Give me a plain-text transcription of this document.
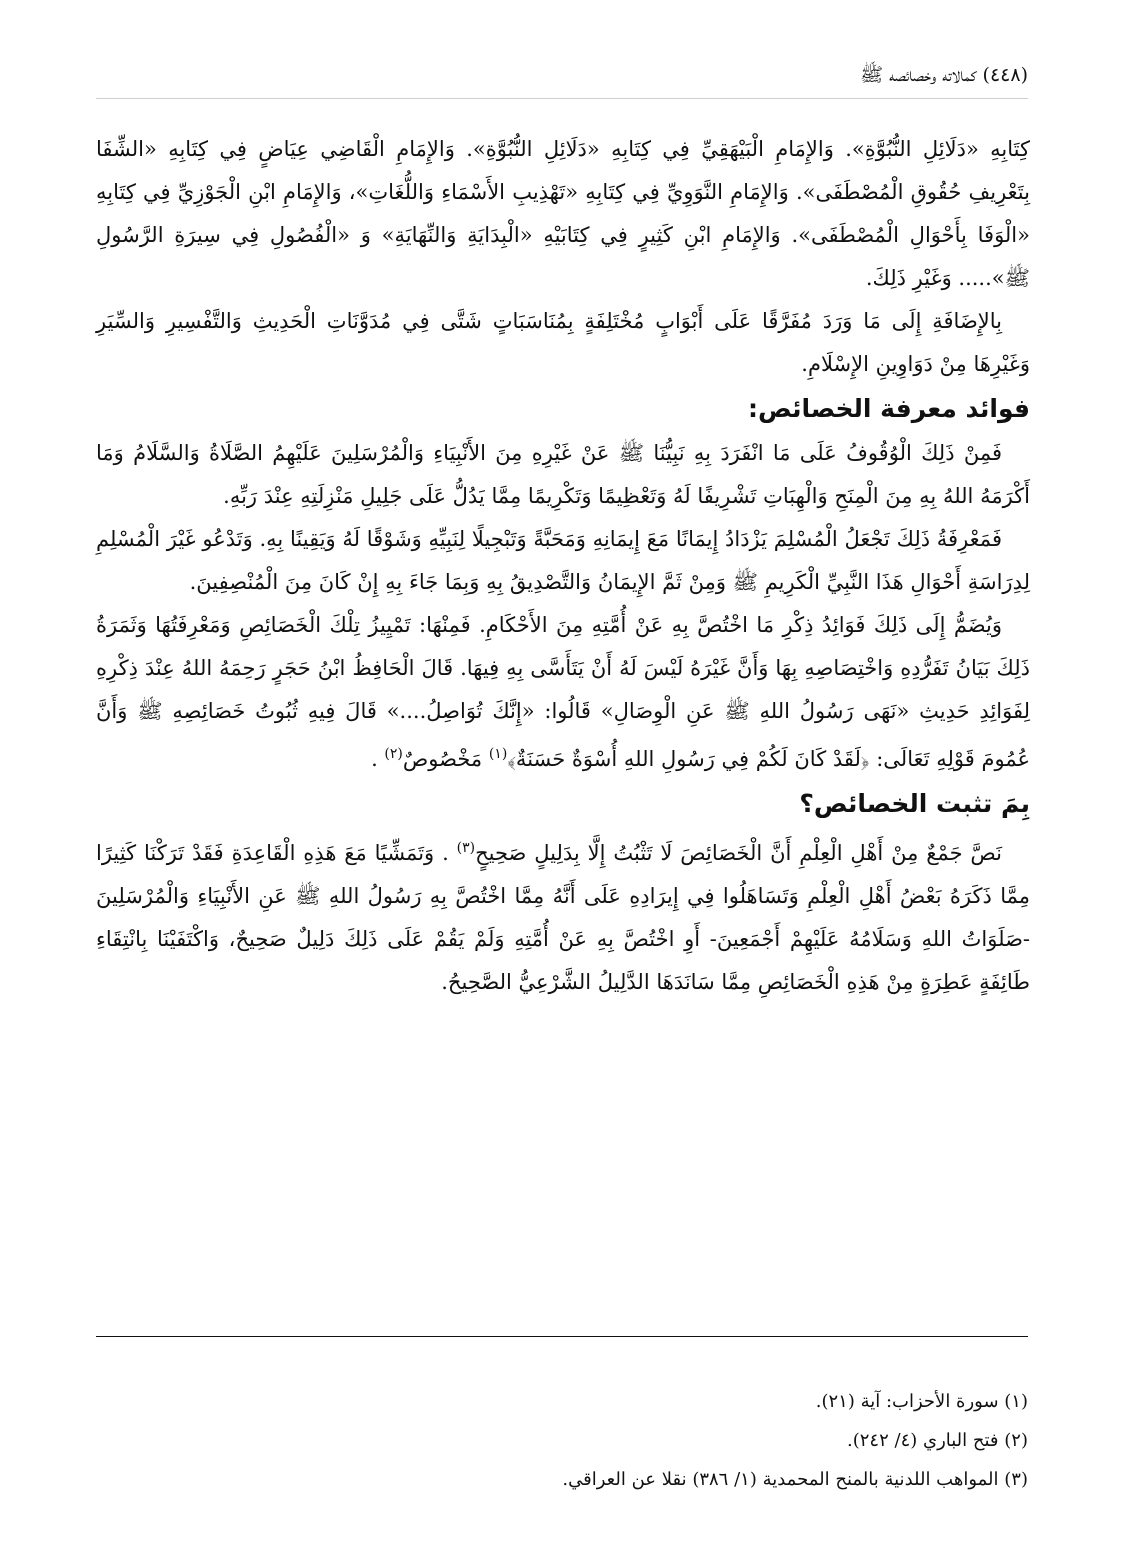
(٤٤٨) كمالاته وخصائصه ﷺ

كِتَابِهِ «دَلَائِلِ النُّبُوَّةِ». وَالإِمَامِ الْبَيْهَقِيِّ فِي كِتَابِهِ «دَلَائِلِ النُّبُوَّةِ». وَالإِمَامِ الْقَاضِي عِيَاضٍ فِي كِتَابِهِ «الشِّفَا بِتَعْرِيفِ حُقُوقِ الْمُصْطَفَى». وَالإِمَامِ النَّوَوِيِّ فِي كِتَابِهِ «تَهْذِيبِ الأَسْمَاءِ وَاللُّغَاتِ»، وَالإِمَامِ ابْنِ الْجَوْزِيِّ فِي كِتَابِهِ «الْوَفَا بِأَحْوَالِ الْمُصْطَفَى». وَالإِمَامِ ابْنِ كَثِيرٍ فِي كِتَابَيْهِ «الْبِدَايَةِ وَالنِّهَايَةِ» وَ «الْفُصُولِ فِي سِيرَةِ الرَّسُولِ ﷺ»..... وَغَيْرِ ذَلِكَ.

بِالإِضَافَةِ إِلَى مَا وَرَدَ مُفَرَّقًا عَلَى أَبْوَابٍ مُخْتَلِفَةٍ بِمُنَاسَبَاتٍ شَتَّى فِي مُدَوَّنَاتِ الْحَدِيثِ وَالتَّفْسِيرِ وَالسِّيَرِ وَغَيْرِهَا مِنْ دَوَاوِينِ الإِسْلَامِ.

فوائد معرفة الخصائص:

فَمِنْ ذَلِكَ الْوُقُوفُ عَلَى مَا انْفَرَدَ بِهِ نَبِيُّنَا ﷺ عَنْ غَيْرِهِ مِنَ الأَنْبِيَاءِ وَالْمُرْسَلِينَ عَلَيْهِمُ الصَّلَاةُ وَالسَّلَامُ وَمَا أَكْرَمَهُ اللهُ بِهِ مِنَ الْمِنَحِ وَالْهِبَاتِ تَشْرِيفًا لَهُ وَتَعْظِيمًا وَتَكْرِيمًا مِمَّا يَدُلُّ عَلَى جَلِيلِ مَنْزِلَتِهِ عِنْدَ رَبِّهِ.

فَمَعْرِفَةُ ذَلِكَ تَجْعَلُ الْمُسْلِمَ يَزْدَادُ إِيمَانًا مَعَ إِيمَانِهِ وَمَحَبَّةً وَتَبْجِيلًا لِنَبِيِّهِ وَشَوْقًا لَهُ وَيَقِينًا بِهِ. وَتَدْعُو غَيْرَ الْمُسْلِمِ لِدِرَاسَةِ أَحْوَالِ هَذَا النَّبِيِّ الْكَرِيمِ ﷺ وَمِنْ ثَمَّ الإِيمَانُ وَالتَّصْدِيقُ بِهِ وَبِمَا جَاءَ بِهِ إِنْ كَانَ مِنَ الْمُنْصِفِينَ.

وَيُضَمُّ إِلَى ذَلِكَ فَوَائِدُ ذِكْرِ مَا اخْتُصَّ بِهِ عَنْ أُمَّتِهِ مِنَ الأَحْكَامِ. فَمِنْهَا: تَمْيِيزُ تِلْكَ الْخَصَائِصِ وَمَعْرِفَتُهَا وَثَمَرَةُ ذَلِكَ بَيَانُ تَفَرُّدِهِ وَاخْتِصَاصِهِ بِهَا وَأَنَّ غَيْرَهُ لَيْسَ لَهُ أَنْ يَتَأَسَّى بِهِ فِيهَا. قَالَ الْحَافِظُ ابْنُ حَجَرٍ رَحِمَهُ اللهُ عِنْدَ ذِكْرِهِ لِفَوَائِدِ حَدِيثِ «نَهَى رَسُولُ اللهِ ﷺ عَنِ الْوِصَالِ» قَالُوا: «إِنَّكَ تُوَاصِلُ....» قَالَ فِيهِ ثُبُوتُ خَصَائِصِهِ ﷺ وَأَنَّ عُمُومَ قَوْلِهِ تَعَالَى: ﴿لَقَدْ كَانَ لَكُمْ فِي رَسُولِ اللهِ أُسْوَةٌ حَسَنَةٌ﴾$^{(١)}$ مَخْصُوصٌ$^{(٢)}$ .

بِمَ تثبت الخصائص؟

نَصَّ جَمْعٌ مِنْ أَهْلِ الْعِلْمِ أَنَّ الْخَصَائِصَ لَا تَثْبُتُ إِلَّا بِدَلِيلٍ صَحِيحٍ$^{(٣)}$ . وَتَمَشِّيًا مَعَ هَذِهِ الْقَاعِدَةِ فَقَدْ تَرَكْنَا كَثِيرًا مِمَّا ذَكَرَهُ بَعْضُ أَهْلِ الْعِلْمِ وَتَسَاهَلُوا فِي إِيرَادِهِ عَلَى أَنَّهُ مِمَّا اخْتُصَّ بِهِ رَسُولُ اللهِ ﷺ عَنِ الأَنْبِيَاءِ وَالْمُرْسَلِينَ -صَلَوَاتُ اللهِ وَسَلَامُهُ عَلَيْهِمْ أَجْمَعِينَ- أَوِ اخْتُصَّ بِهِ عَنْ أُمَّتِهِ وَلَمْ يَقُمْ عَلَى ذَلِكَ دَلِيلٌ صَحِيحٌ، وَاكْتَفَيْنَا بِانْتِقَاءِ طَائِفَةٍ عَطِرَةٍ مِنْ هَذِهِ الْخَصَائِصِ مِمَّا سَانَدَهَا الدَّلِيلُ الشَّرْعِيُّ الصَّحِيحُ.

(١) سورة الأحزاب: آية (٢١).

(٢) فتح الباري (٤/ ٢٤٢).

(٣) المواهب اللدنية بالمنح المحمدية (١/ ٣٨٦) نقلا عن العراقي.
